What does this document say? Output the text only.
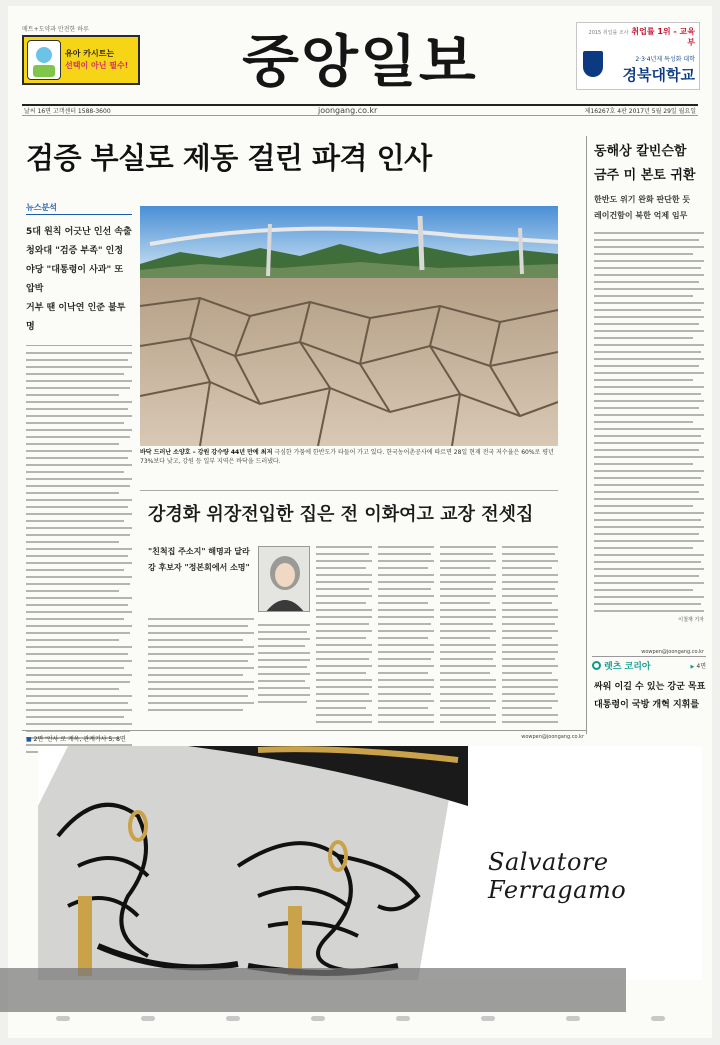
매트+도약과 안전한 하루
유아 카시트는
선택이 아닌 필수!	중앙일보	2015 취업률 조사 취업률 1위 - 교육부
2·3·4년제 특성화 대학
경북대학교
날씨 16면 고객센터 1588-3600	joongang.co.kr	제16267호 4판 2017년 5월 29일 월요일
검증 부실로 제동 걸린 파격 인사
뉴스분석
5대 원칙 어긋난 인선 속출
청와대 "검증 부족" 인정
야당 "대통령이 사과" 또 압박
거부 땐 이낙연 인준 불투명
바닥 드러난 소양호 – 강원 강수량 44년 만에 최저 극심한 가뭄에 한반도가 타들어 가고 있다. 한국농어촌공사에 따르면 28일 현재 전국 저수율은 60%로 평년 73%보다 낮고, 강원 등 일부 지역은 바닥을 드러냈다.
강경화 위장전입한 집은 전 이화여고 교장 전셋집
"친척집 주소지" 해명과 달라
강 후보자 "정본회에서 소명"
■ 2면 '인사 로 게옥, 관계기사 5, 8면	wowpen@joongang.co.kr
동해상 칼빈슨함
금주 미 본토 귀환
한반도 위기 완화 판단한 듯
레이건함이 북한 억제 임무
이철재 기자
wowpen@joongang.co.kr
렛츠 코리아
▶	4면
싸워 이길 수 있는 강군 목표
대통령이 국방 개혁 지휘를
Salvatore Ferragamo
